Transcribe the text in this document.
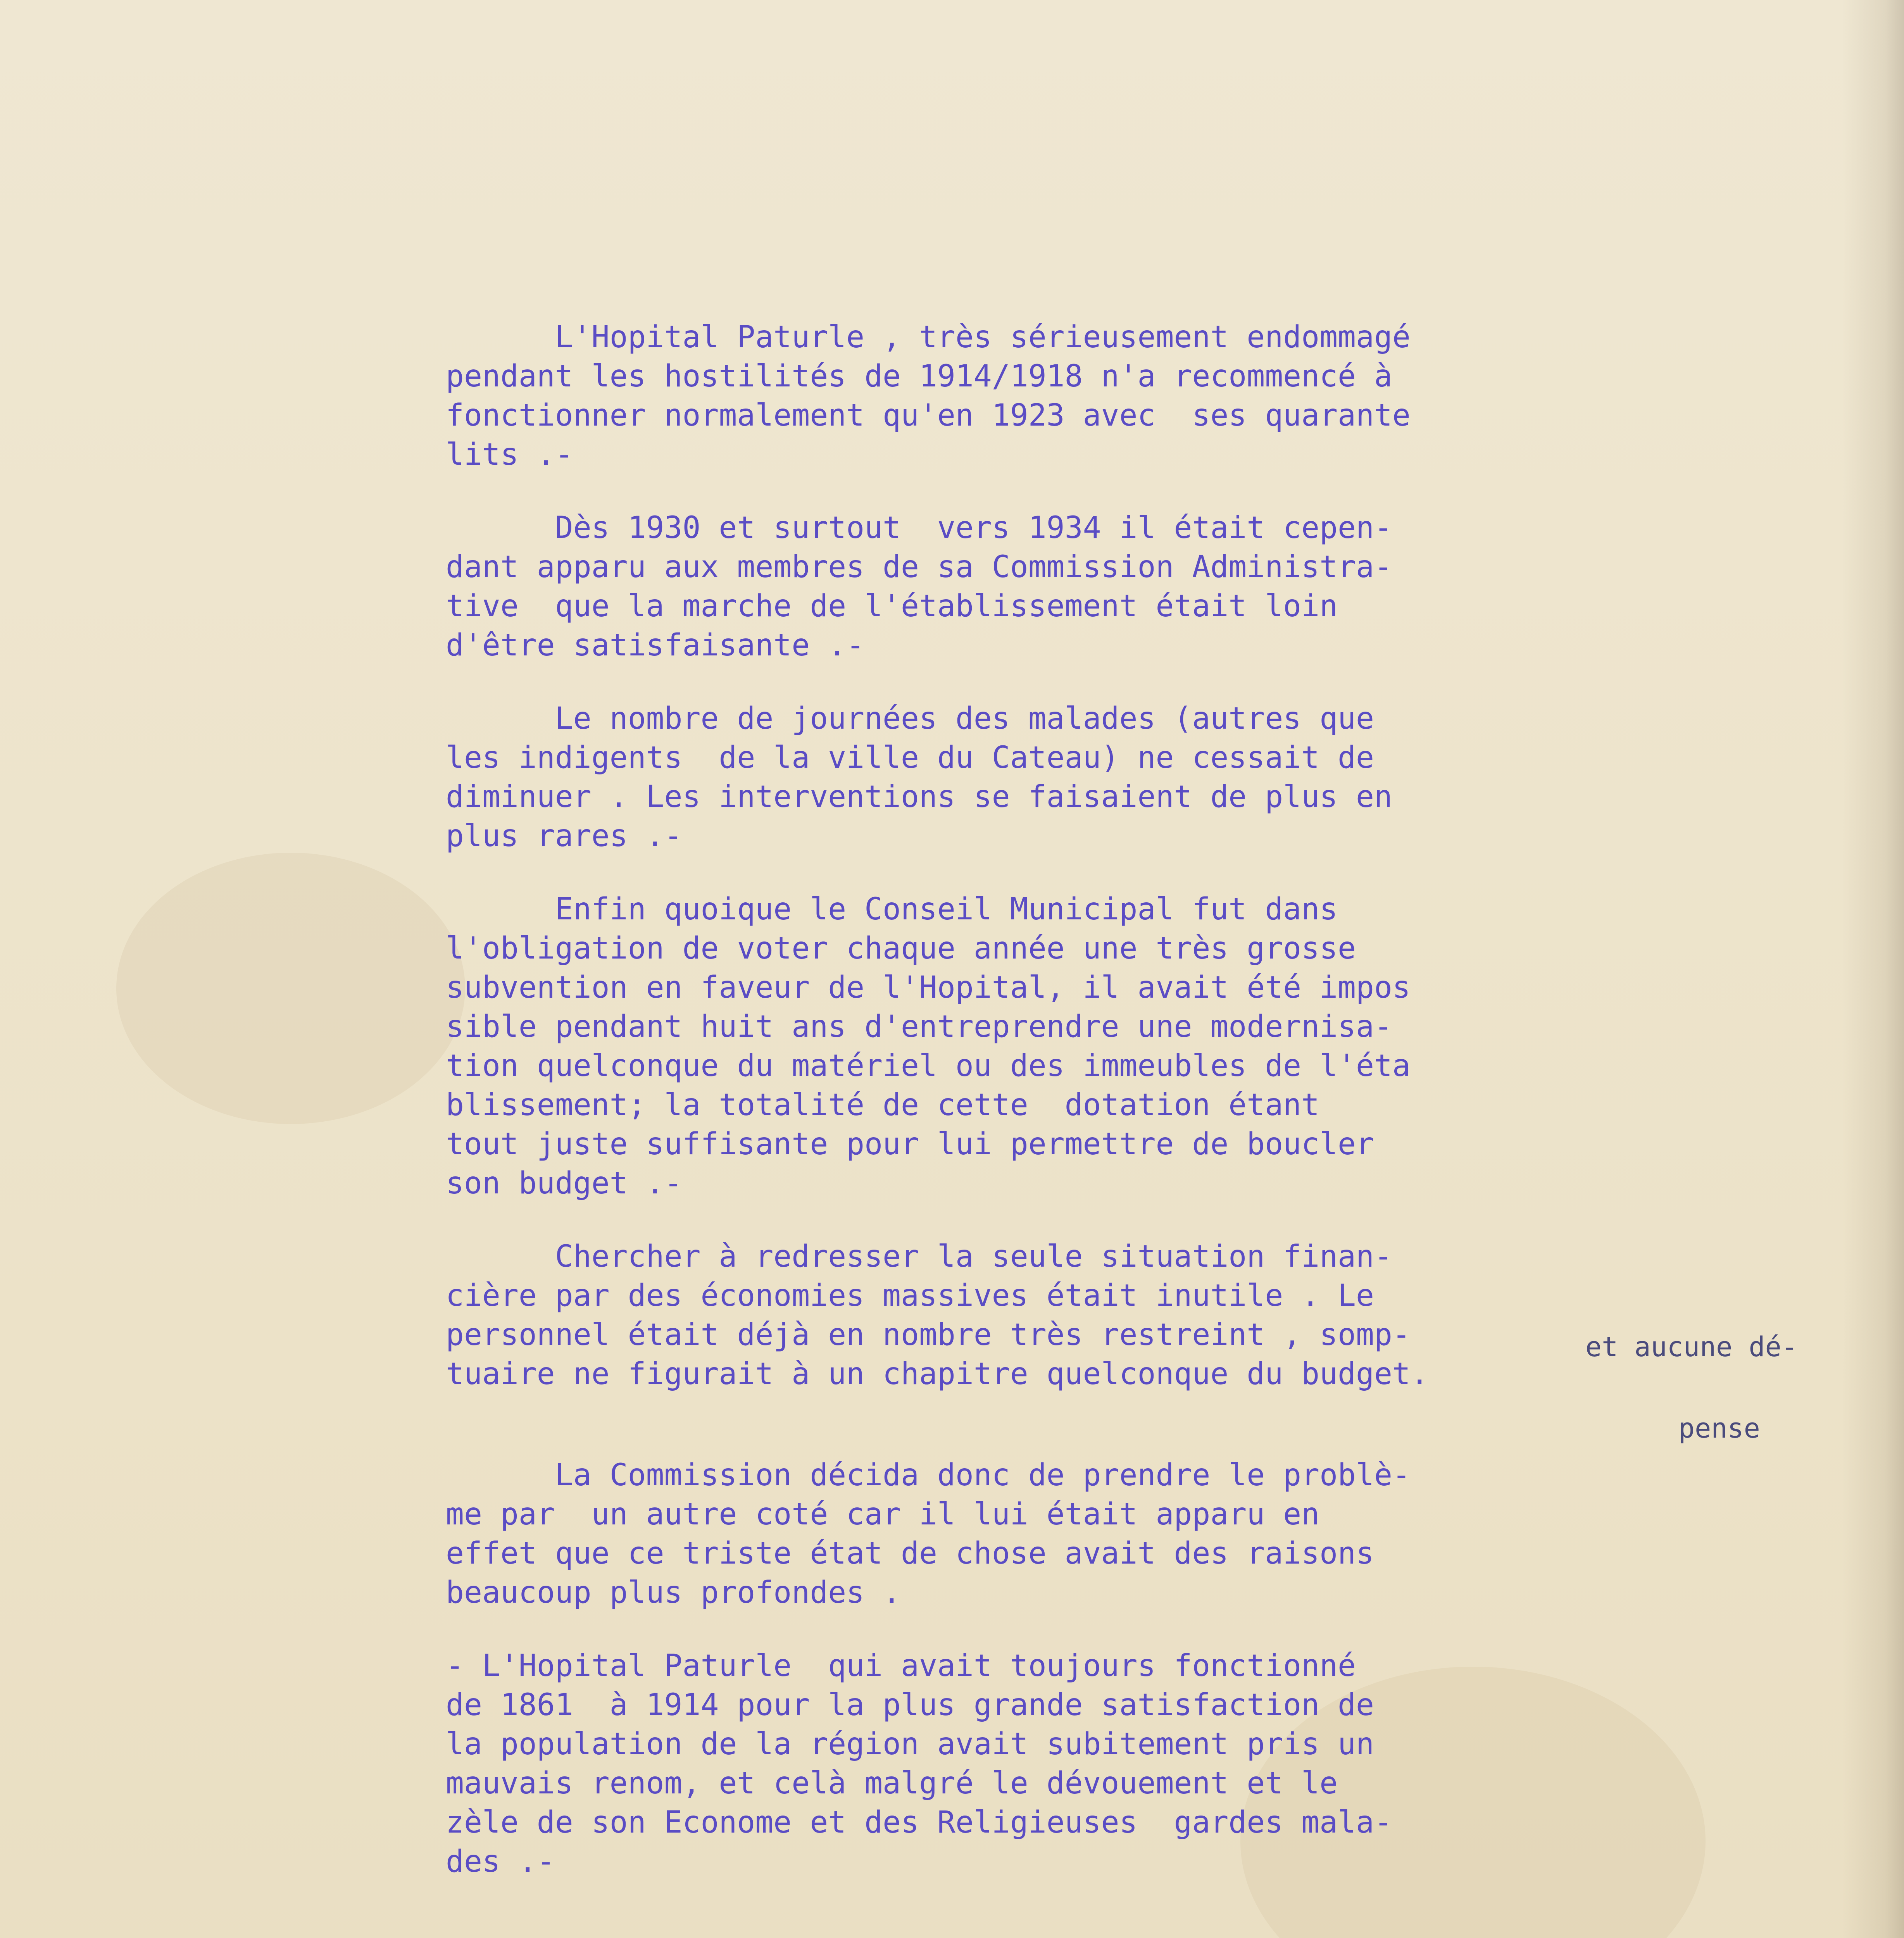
L'Hopital Paturle , très sérieusement endommagé
pendant les hostilités de 1914/1918 n'a recommencé à
fonctionner normalement qu'en 1923 avec  ses quarante
lits .-

Dès 1930 et surtout  vers 1934 il était cepen-
dant apparu aux membres de sa Commission Administra-
tive  que la marche de l'établissement était loin
d'être satisfaisante .-

Le nombre de journées des malades (autres que
les indigents  de la ville du Cateau) ne cessait de
diminuer . Les interventions se faisaient de plus en
plus rares .-

Enfin quoique le Conseil Municipal fut dans
l'obligation de voter chaque année une très grosse
subvention en faveur de l'Hopital, il avait été impos
sible pendant huit ans d'entreprendre une modernisa-
tion quelconque du matériel ou des immeubles de l'éta
blissement; la totalité de cette  dotation étant
tout juste suffisante pour lui permettre de boucler
son budget .-

Chercher à redresser la seule situation finan-
cière par des économies massives était inutile . Le
personnel était déjà en nombre très restreint , somp-
tuaire ne figurait à un chapitre quelconque du budget.

La Commission décida donc de prendre le problè-
me par  un autre coté car il lui était apparu en
effet que ce triste état de chose avait des raisons
beaucoup plus profondes .

- L'Hopital Paturle  qui avait toujours fonctionné
de 1861  à 1914 pour la plus grande satisfaction de
la population de la région avait subitement pris un
mauvais renom, et celà malgré le dévouement et le
zèle de son Econome et des Religieuses  gardes mala-
des .-

et aucune dé-

pense
